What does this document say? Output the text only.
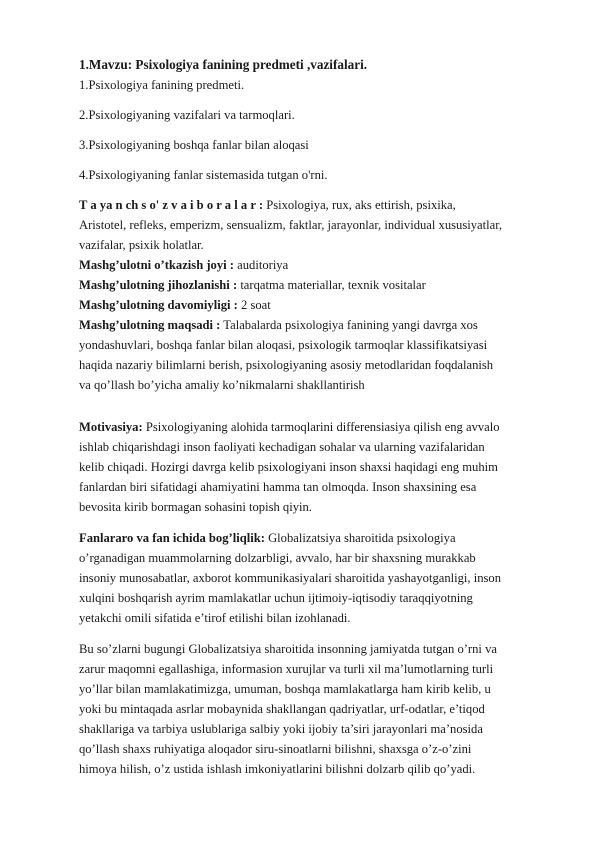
1.Mavzu: Psixologiya fanining predmeti ,vazifalari.

1.Psixologiya fanining predmeti.

2.Psixologiyaning vazifalari va tarmoqlari.

3.Psixologiyaning boshqa fanlar bilan aloqasi

4.Psixologiyaning fanlar sistemasida tutgan o'rni.

T a ya n ch s o' z v a i b o r a l a r : Psixologiya, rux, aks ettirish, psixika,
Aristotel, refleks, emperizm, sensualizm, faktlar, jarayonlar, individual xususiyatlar,
vazifalar, psixik holatlar.
Mashg’ulotni o’tkazish joyi : auditoriya
Mashg’ulotning jihozlanishi : tarqatma materiallar, texnik vositalar
Mashg’ulotning davomiyligi : 2 soat
Mashg’ulotning maqsadi : Talabalarda psixologiya fanining yangi davrga xos
yondashuvlari, boshqa fanlar bilan aloqasi, psixologik tarmoqlar klassifikatsiyasi
haqida nazariy bilimlarni berish, psixologiyaning asosiy metodlaridan foqdalanish
va qo’llash bo’yicha amaliy ko’nikmalarni shakllantirish
Motivasiya: Psixologiyaning alohida tarmoqlarini differensiasiya qilish eng avvalo
ishlab chiqarishdagi inson faoliyati kechadigan sohalar va ularning vazifalaridan
kelib chiqadi. Hozirgi davrga kelib psixologiyani inson shaxsi haqidagi eng muhim
fanlardan biri sifatidagi ahamiyatini hamma tan olmoqda. Inson shaxsining esa
bevosita kirib bormagan sohasini topish qiyin.
Fanlararo va fan ichida bog’liqlik: Globalizatsiya sharoitida psixologiya
o’rganadigan muammolarning dolzarbligi, avvalo, har bir shaxsning murakkab
insoniy munosabatlar, axborot kommunikasiyalari sharoitida yashayotganligi, inson
xulqini boshqarish ayrim mamlakatlar uchun ijtimoiy-iqtisodiy taraqqiyotning
yetakchi omili sifatida e’tirof etilishi bilan izohlanadi.
Bu so’zlarni bugungi Globalizatsiya sharoitida insonning jamiyatda tutgan o’rni va
zarur maqomni egallashiga, informasion xurujlar va turli xil ma’lumotlarning turli
yo’llar bilan mamlakatimizga, umuman, boshqa mamlakatlarga ham kirib kelib, u
yoki bu mintaqada asrlar mobaynida shakllangan qadriyatlar, urf-odatlar, e’tiqod
shakllariga va tarbiya uslublariga salbiy yoki ijobiy ta’siri jarayonlari ma’nosida
qo’llash shaxs ruhiyatiga aloqador siru-sinoatlarni bilishni, shaxsga o’z-o’zini
himoya hilish, o’z ustida ishlash imkoniyatlarini bilishni dolzarb qilib qo’yadi.
